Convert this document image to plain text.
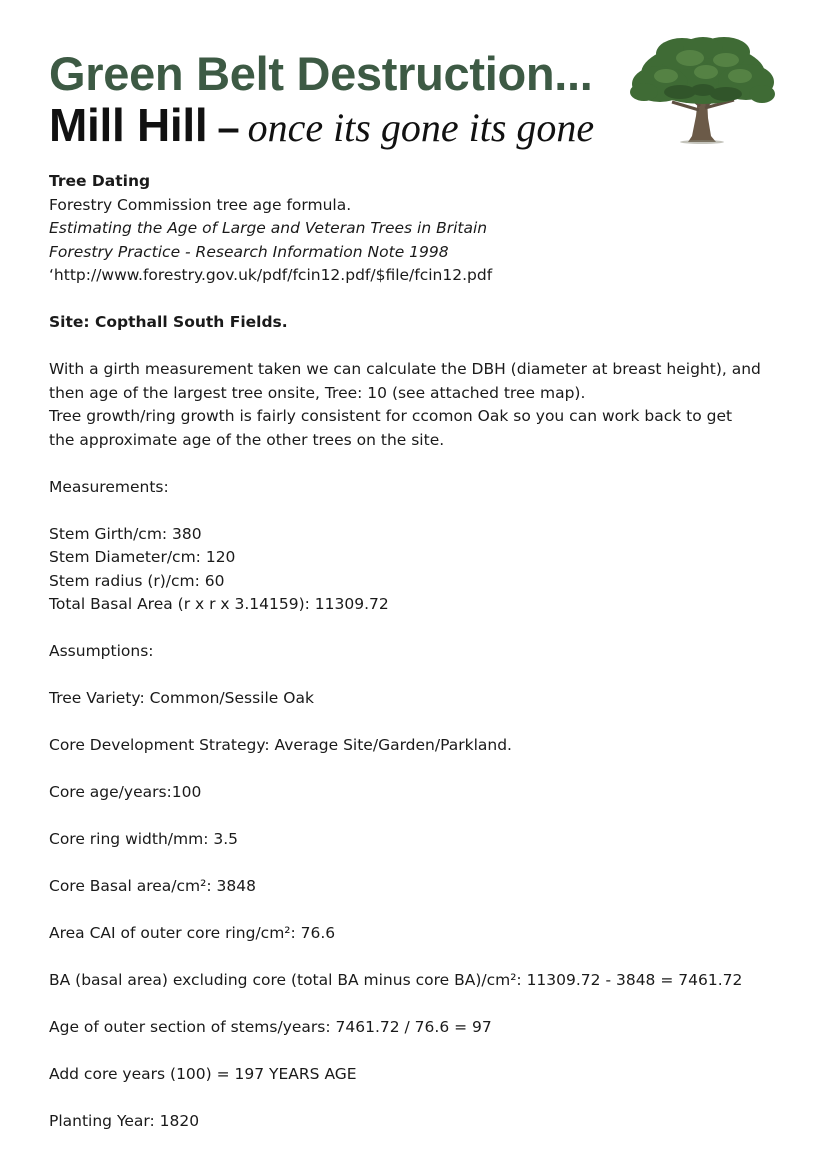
Green Belt Destruction...
Mill Hill – once its gone its gone

Tree Dating

Forestry Commission tree age formula.

Estimating the Age of Large and Veteran Trees in Britain

Forestry Practice - Research Information Note 1998

‘http://www.forestry.gov.uk/pdf/fcin12.pdf/$file/fcin12.pdf

Site: Copthall South Fields.

With a girth measurement taken we can calculate the DBH (diameter at breast height), and

then age of the largest tree onsite, Tree: 10 (see attached tree map).

Tree growth/ring growth is fairly consistent for ccomon Oak so you can work back to get

the approximate age of the other trees on the site.

Measurements:

Stem Girth/cm: 380

Stem Diameter/cm: 120

Stem radius (r)/cm: 60

Total Basal Area (r x r x 3.14159): 11309.72

Assumptions:

Tree Variety: Common/Sessile Oak

Core Development Strategy: Average Site/Garden/Parkland.

Core age/years:100

Core ring width/mm: 3.5

Core Basal area/cm²: 3848

Area CAI of outer core ring/cm²: 76.6

BA (basal area) excluding core (total BA minus core BA)/cm²: 11309.72 - 3848 = 7461.72

Age of outer section of stems/years: 7461.72 / 76.6 = 97

Add core years (100) = 197 YEARS AGE

Planting Year: 1820
